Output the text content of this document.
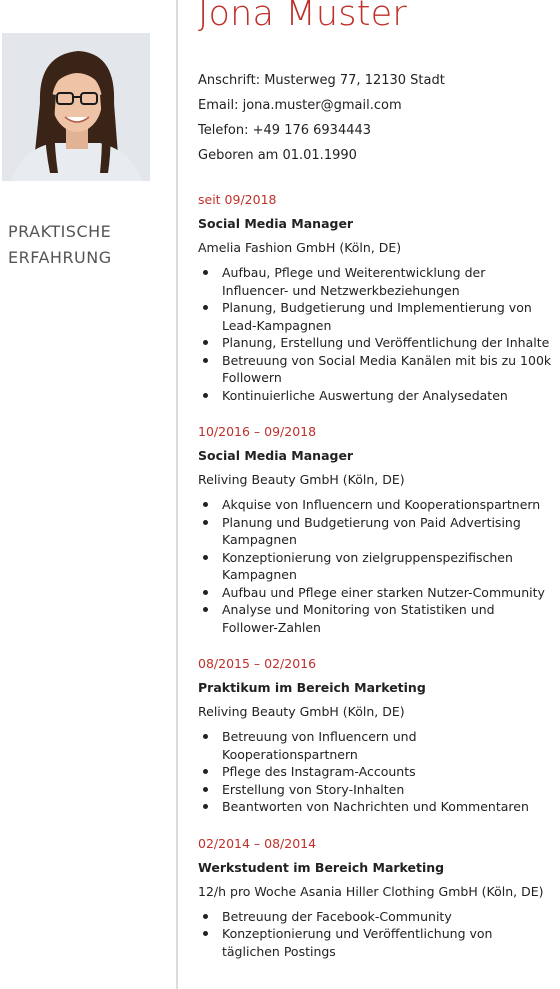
Jona Muster
Anschrift: Musterweg 77, 12130 Stadt
Email: jona.muster@gmail.com
Telefon: +49 176 6934443
Geboren am 01.01.1990
PRAKTISCHE
ERFAHRUNG
seit 09/2018
Social Media Manager
Amelia Fashion GmbH (Köln, DE)
Aufbau, Pflege und Weiterentwicklung der
Influencer- und Netzwerkbeziehungen
Planung, Budgetierung und Implementierung von
Lead-Kampagnen
Planung, Erstellung und Veröffentlichung der Inhalte
Betreuung von Social Media Kanälen mit bis zu 100k
Followern
Kontinuierliche Auswertung der Analysedaten
10/2016 – 09/2018
Social Media Manager
Reliving Beauty GmbH (Köln, DE)
Akquise von Influencern und Kooperationspartnern
Planung und Budgetierung von Paid Advertising
Kampagnen
Konzeptionierung von zielgruppenspezifischen
Kampagnen
Aufbau und Pflege einer starken Nutzer-Community
Analyse und Monitoring von Statistiken und
Follower-Zahlen
08/2015 – 02/2016
Praktikum im Bereich Marketing
Reliving Beauty GmbH (Köln, DE)
Betreuung von Influencern und
Kooperationspartnern
Pflege des Instagram-Accounts
Erstellung von Story-Inhalten
Beantworten von Nachrichten und Kommentaren
02/2014 – 08/2014
Werkstudent im Bereich Marketing
12/h pro Woche Asania Hiller Clothing GmbH (Köln, DE)
Betreuung der Facebook-Community
Konzeptionierung und Veröffentlichung von
täglichen Postings
